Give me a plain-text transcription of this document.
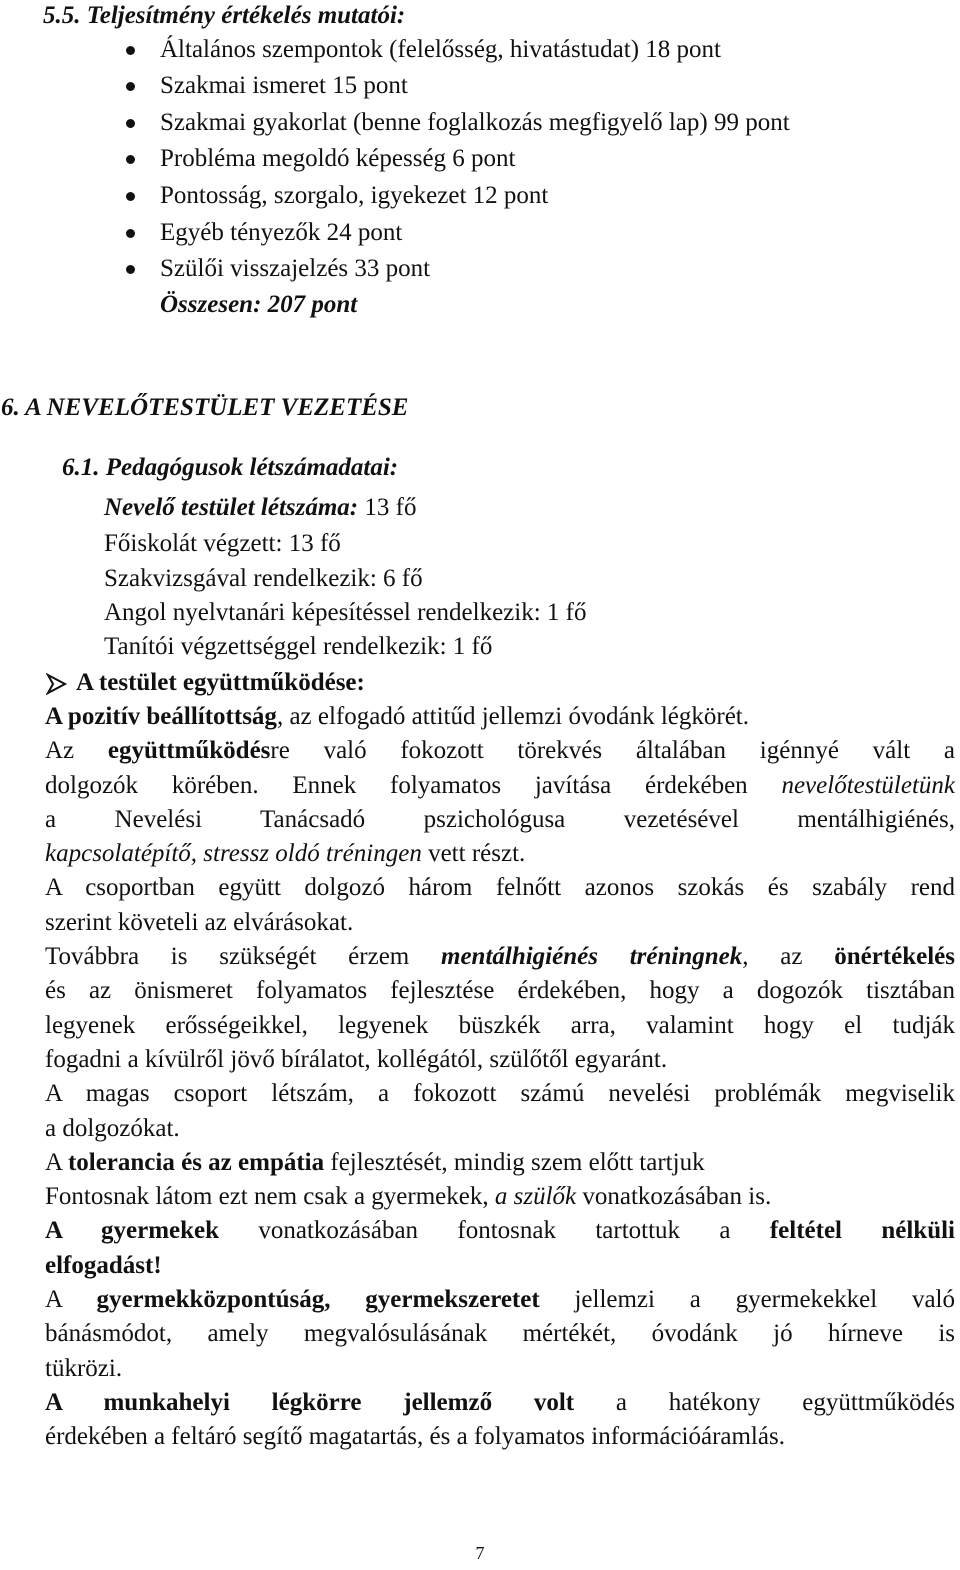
5.5. Teljesítmény értékelés mutatói:
Általános szempontok (felelősség, hivatástudat) 18 pont
Szakmai ismeret 15 pont
Szakmai gyakorlat (benne foglalkozás megfigyelő lap) 99 pont
Probléma megoldó képesség 6 pont
Pontosság, szorgalo, igyekezet 12 pont
Egyéb tényezők 24 pont
Szülői visszajelzés 33 pont
Összesen: 207 pont
6. A NEVELŐTESTÜLET VEZETÉSE
6.1. Pedagógusok létszámadatai:
Nevelő testület létszáma: 13 fő
Főiskolát végzett: 13 fő
Szakvizsgával rendelkezik: 6 fő
Angol nyelvtanári képesítéssel rendelkezik: 1 fő
Tanítói végzettséggel rendelkezik: 1 fő
A testület együttműködése:
A pozitív beállítottság, az elfogadó attitűd jellemzi óvodánk légkörét.
Az együttműködésre való fokozott törekvés általában igénnyé vált a
dolgozók körében. Ennek folyamatos javítása érdekében nevelőtestületünk
a Nevelési Tanácsadó pszichológusa vezetésével mentálhigiénés,
kapcsolatépítő, stressz oldó tréningen vett részt.
A csoportban együtt dolgozó három felnőtt azonos szokás és szabály rend
szerint követeli az elvárásokat.
Továbbra is szükségét érzem mentálhigiénés tréningnek, az önértékelés
és az önismeret folyamatos fejlesztése érdekében, hogy a dogozók tisztában
legyenek erősségeikkel, legyenek büszkék arra, valamint hogy el tudják
fogadni a kívülről jövő bírálatot, kollégától, szülőtől egyaránt.
A magas csoport létszám, a fokozott számú nevelési problémák megviselik
a dolgozókat.
A tolerancia és az empátia fejlesztését, mindig szem előtt tartjuk
Fontosnak látom ezt nem csak a gyermekek, a szülők vonatkozásában is.
A gyermekek vonatkozásában fontosnak tartottuk a feltétel nélküli
elfogadást!
A gyermekközpontúság, gyermekszeretet jellemzi a gyermekekkel való
bánásmódot, amely megvalósulásának mértékét, óvodánk jó hírneve is
tükrözi.
A munkahelyi légkörre jellemző volt a hatékony együttműködés
érdekében a feltáró segítő magatartás, és a folyamatos információáramlás.
7
